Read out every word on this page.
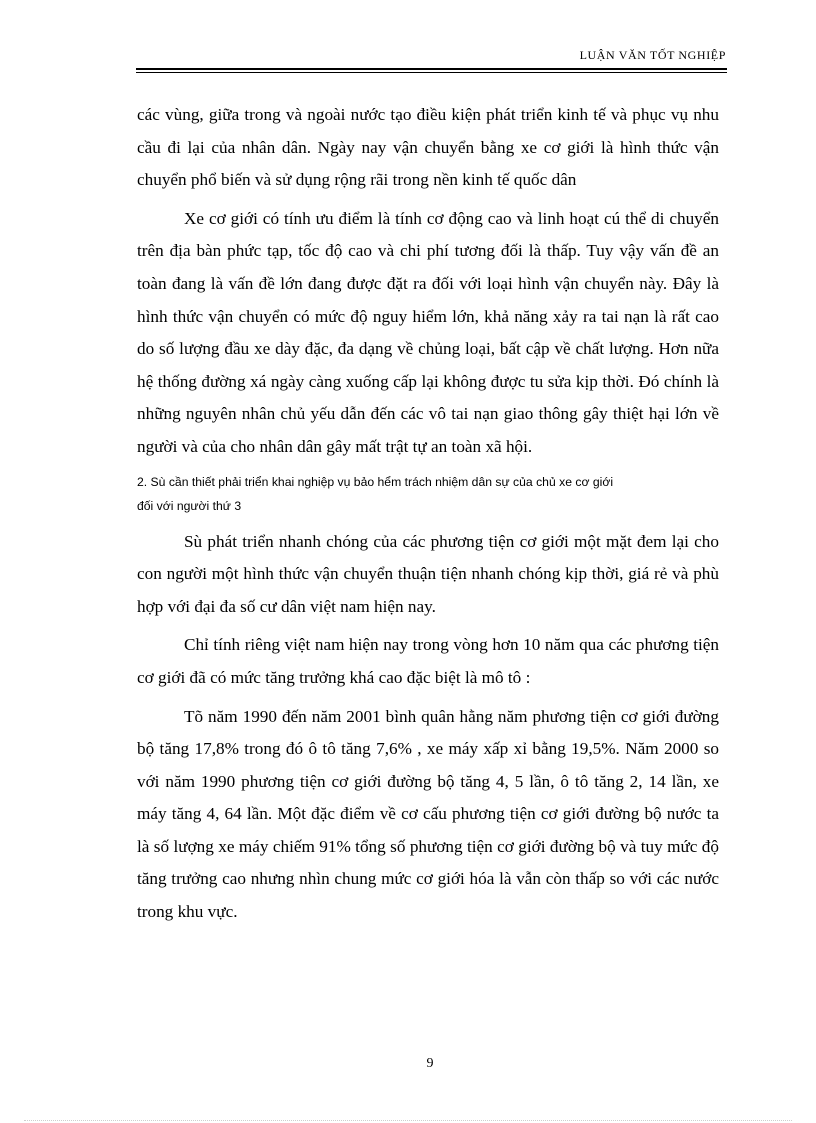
LUẬN VĂN TỐT NGHIỆP

các vùng, giữa trong và ngoài nước tạo điều kiện phát triển kinh tế và phục vụ nhu cầu đi lại của nhân dân. Ngày nay vận chuyển bằng xe cơ giới là hình thức vận chuyển phổ biến và sử dụng rộng rãi trong nền kinh tế quốc dân

Xe cơ giới có tính ưu điểm là tính cơ động cao và linh hoạt cú thể di chuyển trên địa bàn phức tạp, tốc độ cao và chi phí tương đối là thấp. Tuy vậy vấn đề an toàn đang là vấn đề lớn đang được đặt ra đối với loại hình vận chuyển này. Đây là hình thức vận chuyển có mức độ nguy hiểm lớn, khả năng xảy ra tai nạn là rất cao do số lượng đầu xe dày đặc, đa dạng về chủng loại, bất cập về chất lượng. Hơn nữa hệ thống đường xá ngày càng xuống cấp lại không được tu sửa kịp thời. Đó chính là những nguyên nhân chủ yếu dẫn đến các vô tai nạn giao thông gây thiệt hại lớn về người và của cho nhân dân gây mất trật tự an toàn xã hội.

2. Sù cần thiết phải triển khai nghiệp vụ bảo hểm trách nhiệm dân sự của chủ xe cơ giới
đối với người thứ 3

Sù phát triển nhanh chóng của các phương tiện cơ giới một mặt đem lại cho con người một hình thức vận chuyển thuận tiện nhanh chóng kịp thời, giá rẻ và phù hợp với đại đa số cư dân việt nam hiện nay.

Chỉ tính riêng việt nam hiện nay trong vòng hơn 10 năm qua các phương tiện cơ giới đã có mức tăng trưởng khá cao đặc biệt là mô tô :

Tõ năm 1990 đến năm 2001 bình quân hằng năm phương tiện cơ giới đường bộ tăng 17,8% trong đó ô tô tăng 7,6% , xe máy xấp xỉ bằng 19,5%. Năm 2000 so với năm 1990 phương tiện cơ giới đường bộ tăng 4, 5 lần, ô tô tăng 2, 14 lần, xe máy tăng 4, 64 lần. Một đặc điểm về cơ cấu phương tiện cơ giới đường bộ nước ta là số lượng xe máy chiếm 91% tổng số phương tiện cơ giới đường bộ và tuy mức độ tăng trưởng cao nhưng nhìn chung mức cơ giới hóa là vẫn còn thấp so với các nước trong khu vực.

9
